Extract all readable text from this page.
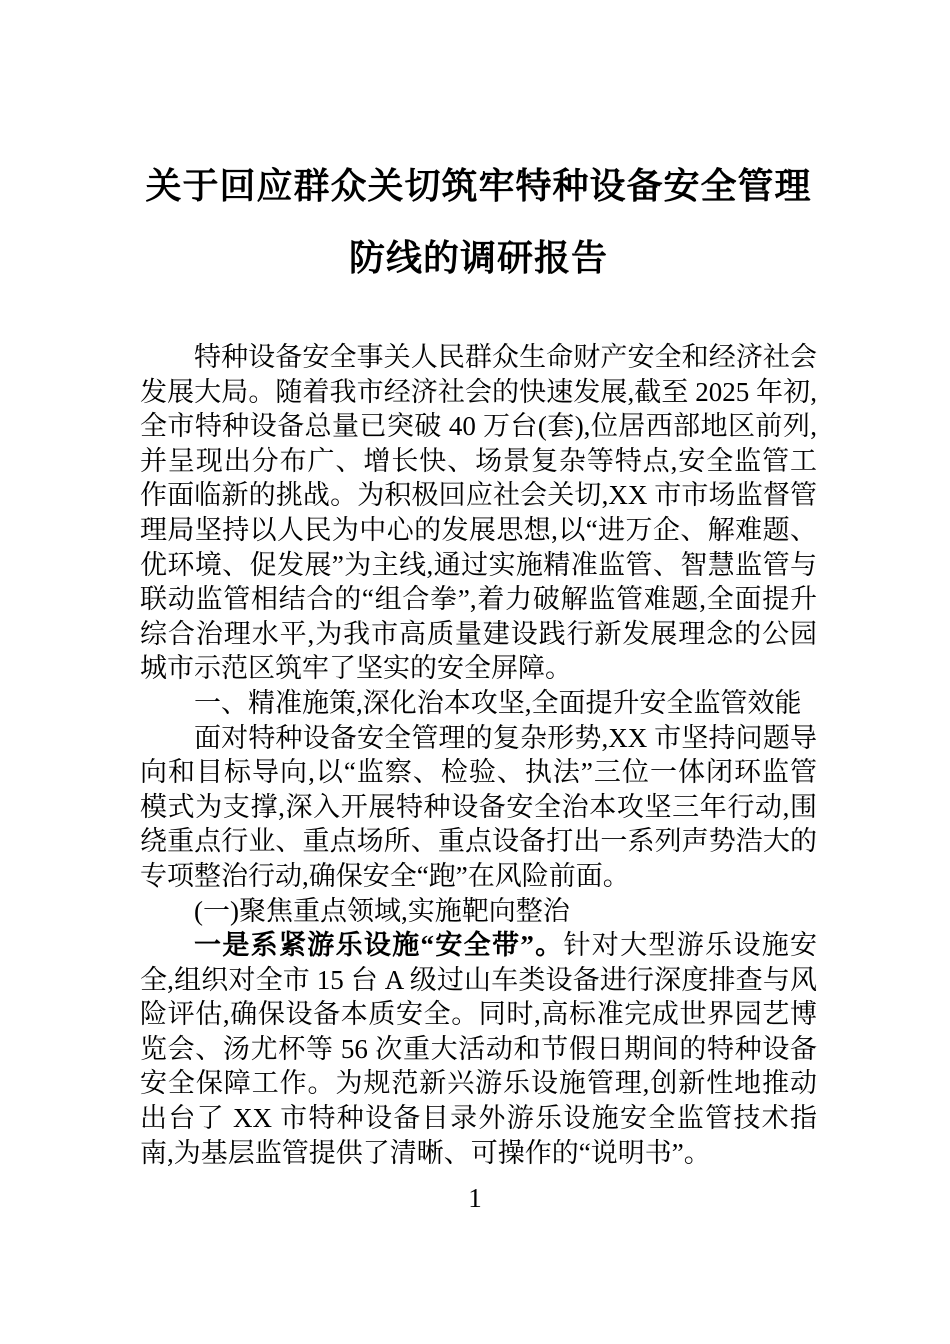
关于回应群众关切筑牢特种设备安全管理
防线的调研报告

特种设备安全事关人民群众生命财产安全和经济社会发展大局。随着我市经济社会的快速发展,截至 2025 年初,全市特种设备总量已突破 40 万台(套),位居西部地区前列,并呈现出分布广、增长快、场景复杂等特点,安全监管工作面临新的挑战。为积极回应社会关切,XX 市市场监督管理局坚持以人民为中心的发展思想,以“进万企、解难题、优环境、促发展”为主线,通过实施精准监管、智慧监管与联动监管相结合的“组合拳”,着力破解监管难题,全面提升综合治理水平,为我市高质量建设践行新发展理念的公园城市示范区筑牢了坚实的安全屏障。

一、精准施策,深化治本攻坚,全面提升安全监管效能

面对特种设备安全管理的复杂形势,XX 市坚持问题导向和目标导向,以“监察、检验、执法”三位一体闭环监管模式为支撑,深入开展特种设备安全治本攻坚三年行动,围绕重点行业、重点场所、重点设备打出一系列声势浩大的专项整治行动,确保安全“跑”在风险前面。

(一)聚焦重点领域,实施靶向整治

一是系紧游乐设施“安全带”。针对大型游乐设施安全,组织对全市 15 台 A 级过山车类设备进行深度排查与风险评估,确保设备本质安全。同时,高标准完成世界园艺博览会、汤尤杯等 56 次重大活动和节假日期间的特种设备安全保障工作。为规范新兴游乐设施管理,创新性地推动出台了 XX 市特种设备目录外游乐设施安全监管技术指南,为基层监管提供了清晰、可操作的“说明书”。

1
